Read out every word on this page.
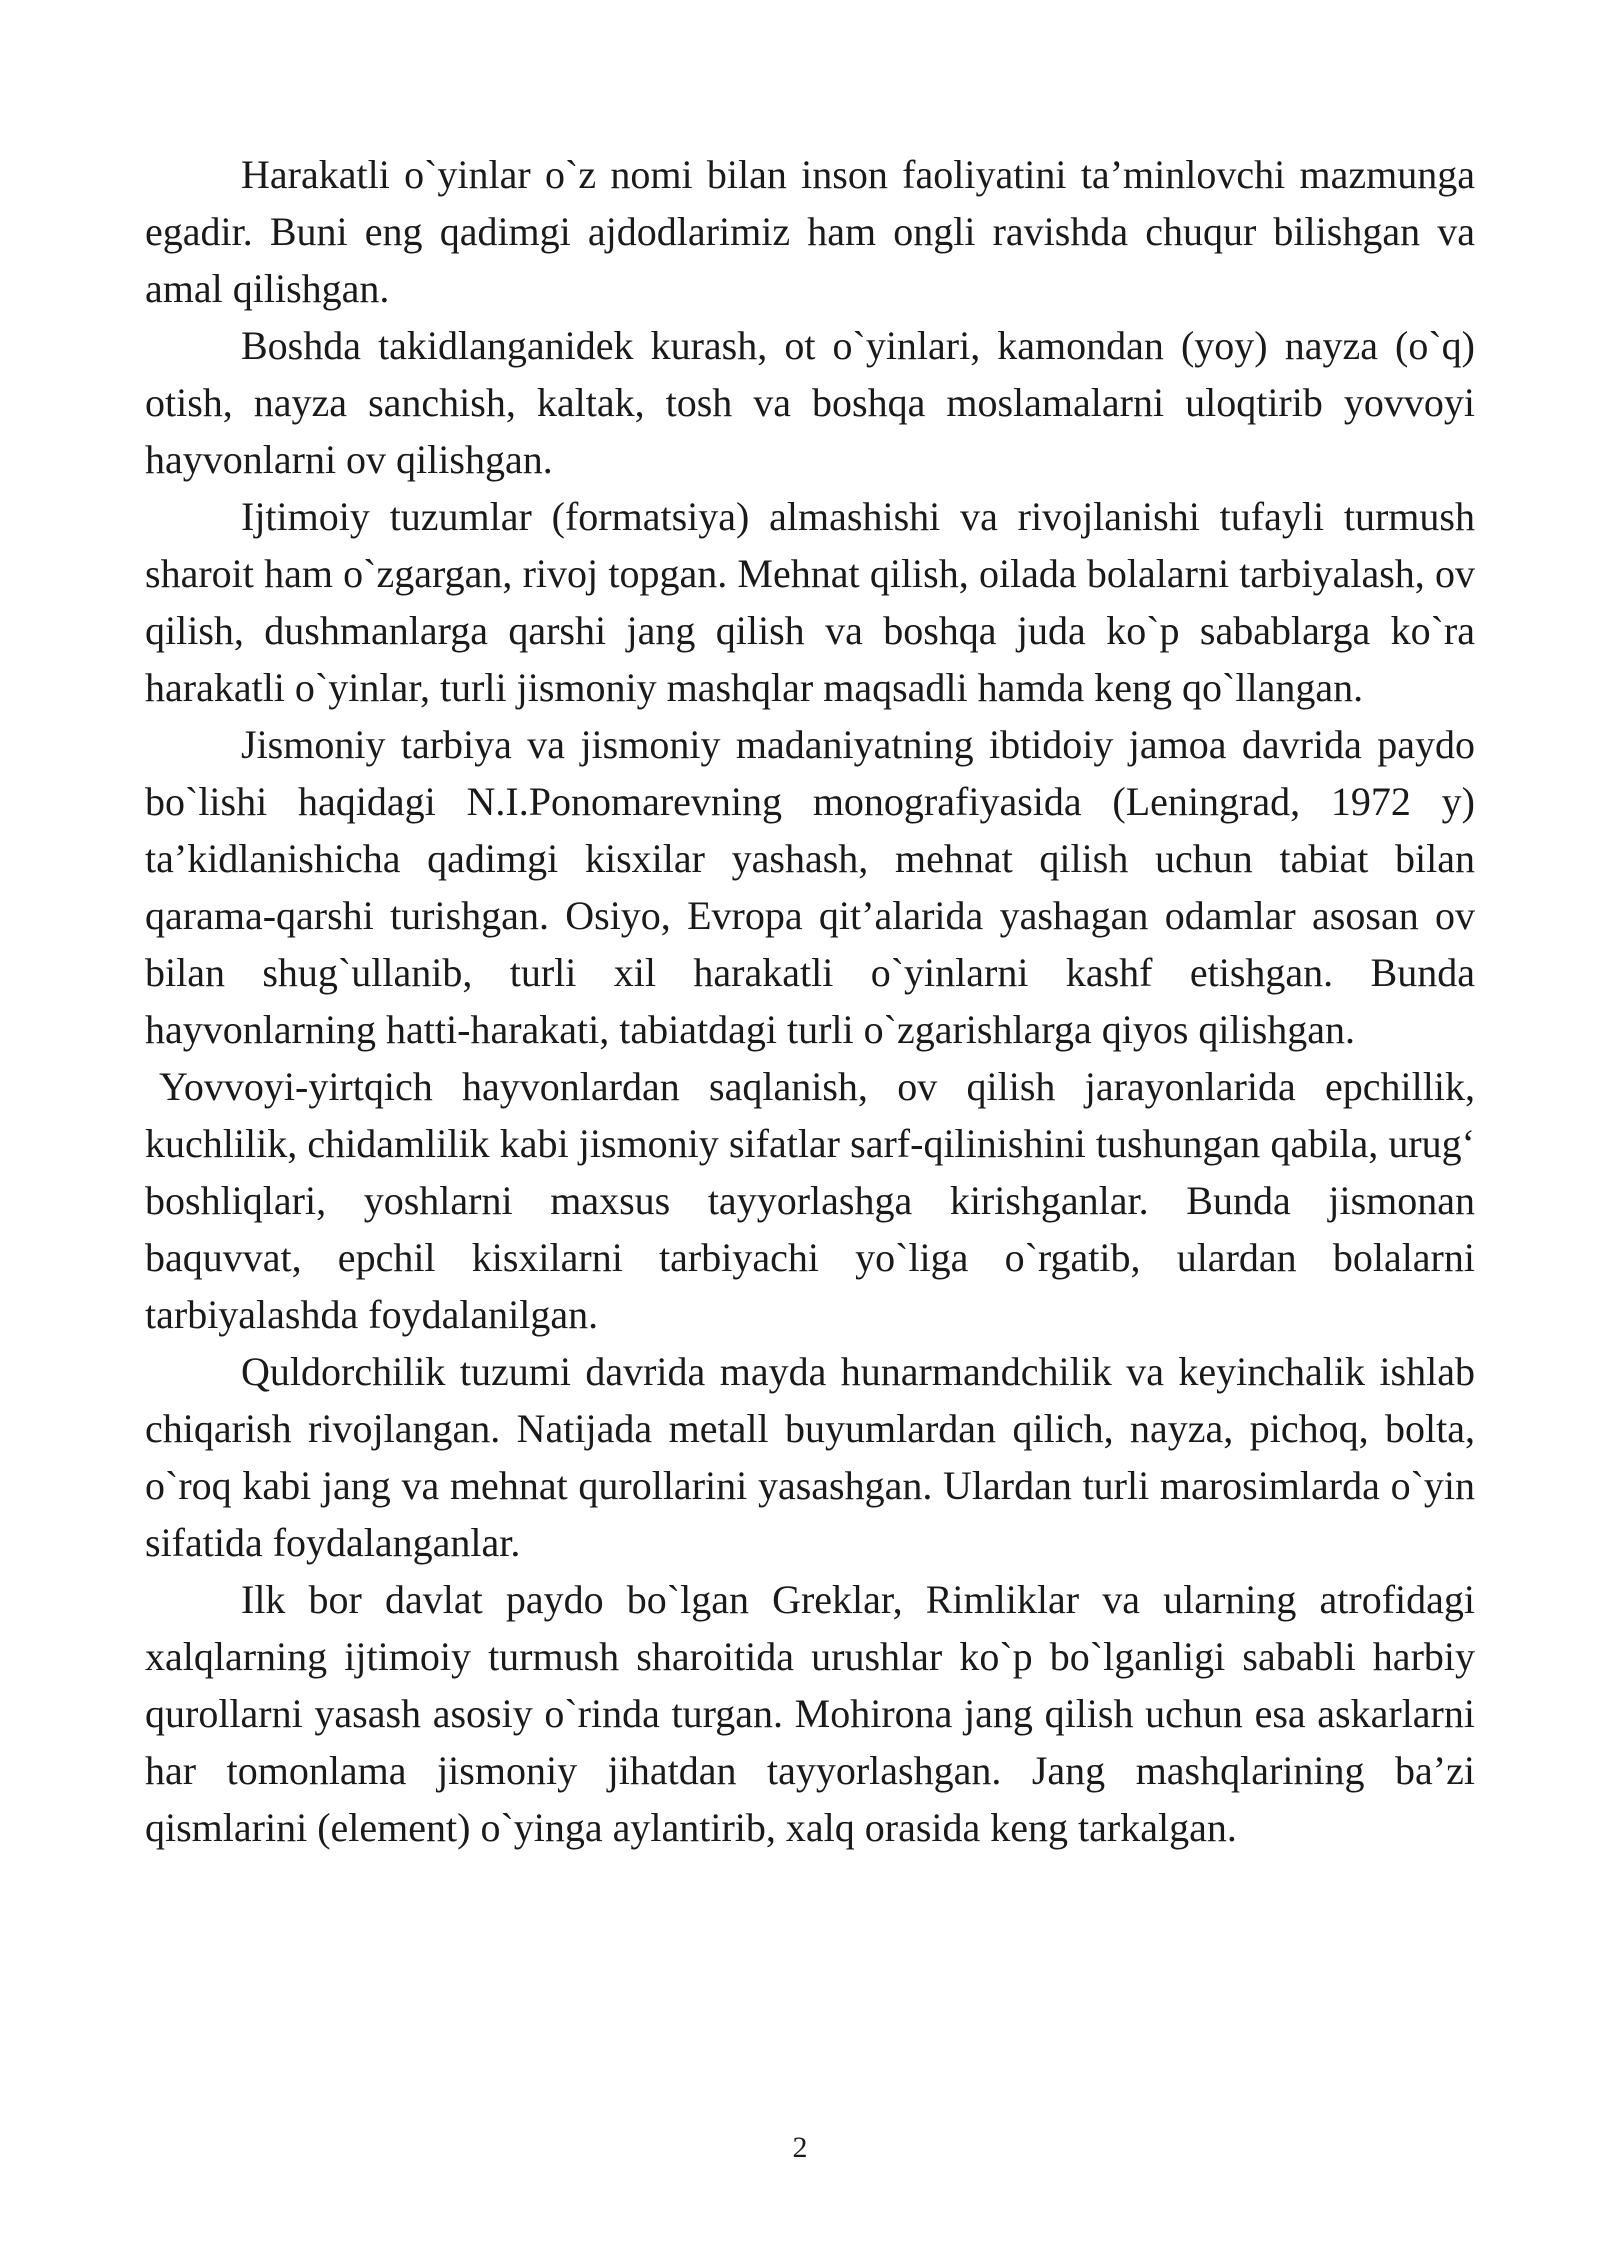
Harakatli o`yinlar o`z nomi bilan inson faoliyatini ta’minlovchi mazmunga egadir. Buni eng qadimgi ajdodlarimiz ham ongli ravishda chuqur bilishgan va amal qilishgan.

Boshda takidlanganidek kurash, ot o`yinlari, kamondan (yoy) nayza (o`q) otish, nayza sanchish, kaltak, tosh va boshqa moslamalarni uloqtirib yovvoyi hayvonlarni ov qilishgan.

Ijtimoiy tuzumlar (formatsiya) almashishi va rivojlanishi tufayli turmush sharoit ham o`zgargan, rivoj topgan. Mehnat qilish, oilada bolalarni tarbiyalash, ov qilish, dushmanlarga qarshi jang qilish va boshqa juda ko`p sabablarga ko`ra harakatli o`yinlar, turli jismoniy mashqlar maqsadli hamda keng qo`llangan.

Jismoniy tarbiya va jismoniy madaniyatning ibtidoiy jamoa davrida paydo bo`lishi haqidagi N.I.Ponomarevning monografiyasida (Leningrad, 1972 y) ta’kidlanishicha qadimgi kisxilar yashash, mehnat qilish uchun tabiat bilan qarama-qarshi turishgan. Osiyo, Evropa qit’alarida yashagan odamlar asosan ov bilan shug`ullanib, turli xil harakatli o`yinlarni kashf etishgan. Bunda hayvonlarning hatti-harakati, tabiatdagi turli o`zgarishlarga qiyos qilishgan.

Yovvoyi-yirtqich hayvonlardan saqlanish, ov qilish jarayonlarida epchillik, kuchlilik, chidamlilik kabi jismoniy sifatlar sarf-qilinishini tushungan qabila, urug‘ boshliqlari, yoshlarni maxsus tayyorlashga kirishganlar. Bunda jismonan baquvvat, epchil kisxilarni tarbiyachi yo`liga o`rgatib, ulardan bolalarni tarbiyalashda foydalanilgan.

Quldorchilik tuzumi davrida mayda hunarmandchilik va keyinchalik ishlab chiqarish rivojlangan. Natijada metall buyumlardan qilich, nayza, pichoq, bolta, o`roq kabi jang va mehnat qurollarini yasashgan. Ulardan turli marosimlarda o`yin sifatida foydalanganlar.

Ilk bor davlat paydo bo`lgan Greklar, Rimliklar va ularning atrofidagi xalqlarning ijtimoiy turmush sharoitida urushlar ko`p bo`lganligi sababli harbiy qurollarni yasash asosiy o`rinda turgan. Mohirona jang qilish uchun esa askarlarni har tomonlama jismoniy jihatdan tayyorlashgan. Jang mashqlarining ba’zi qismlarini (element) o`yinga aylantirib, xalq orasida keng tarkalgan.

2
